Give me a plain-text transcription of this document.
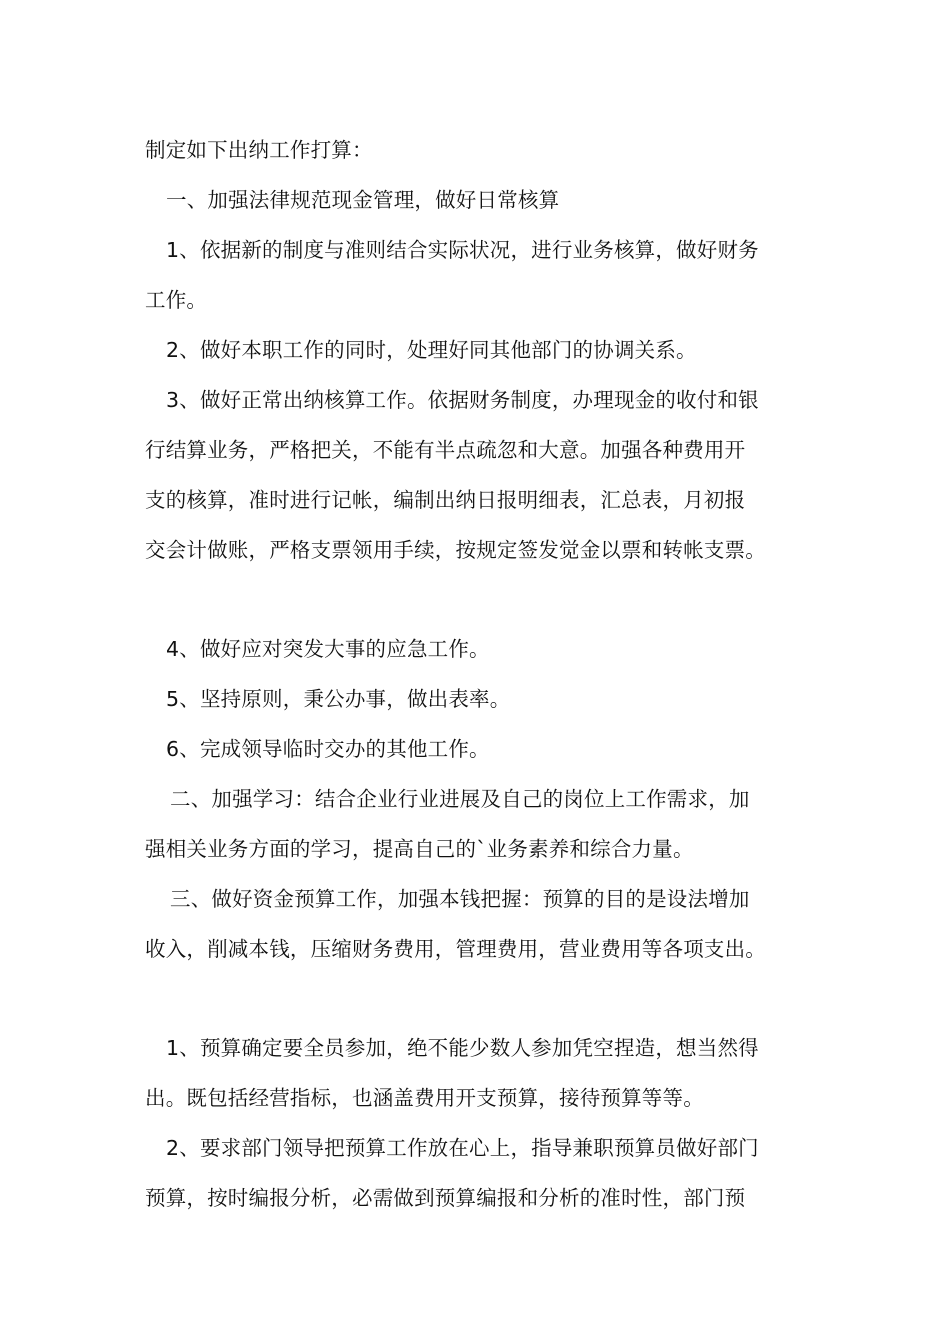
制定如下出纳工作打算：
一、加强法律规范现金管理，做好日常核算
1、依据新的制度与准则结合实际状况，进行业务核算，做好财务
工作。
2、做好本职工作的同时，处理好同其他部门的协调关系。
3、做好正常出纳核算工作。依据财务制度，办理现金的收付和银
行结算业务，严格把关，不能有半点疏忽和大意。加强各种费用开
支的核算，准时进行记帐，编制出纳日报明细表，汇总表，月初报
交会计做账，严格支票领用手续，按规定签发觉金以票和转帐支票。
4、做好应对突发大事的应急工作。
5、坚持原则，秉公办事，做出表率。
6、完成领导临时交办的其他工作。
二、加强学习：结合企业行业进展及自己的岗位上工作需求，加
强相关业务方面的学习，提高自己的`业务素养和综合力量。
三、做好资金预算工作，加强本钱把握：预算的目的是设法增加
收入，削减本钱，压缩财务费用，管理费用，营业费用等各项支出。
1、预算确定要全员参加，绝不能少数人参加凭空捏造，想当然得
出。既包括经营指标，也涵盖费用开支预算，接待预算等等。
2、要求部门领导把预算工作放在心上，指导兼职预算员做好部门
预算，按时编报分析，必需做到预算编报和分析的准时性，部门预
